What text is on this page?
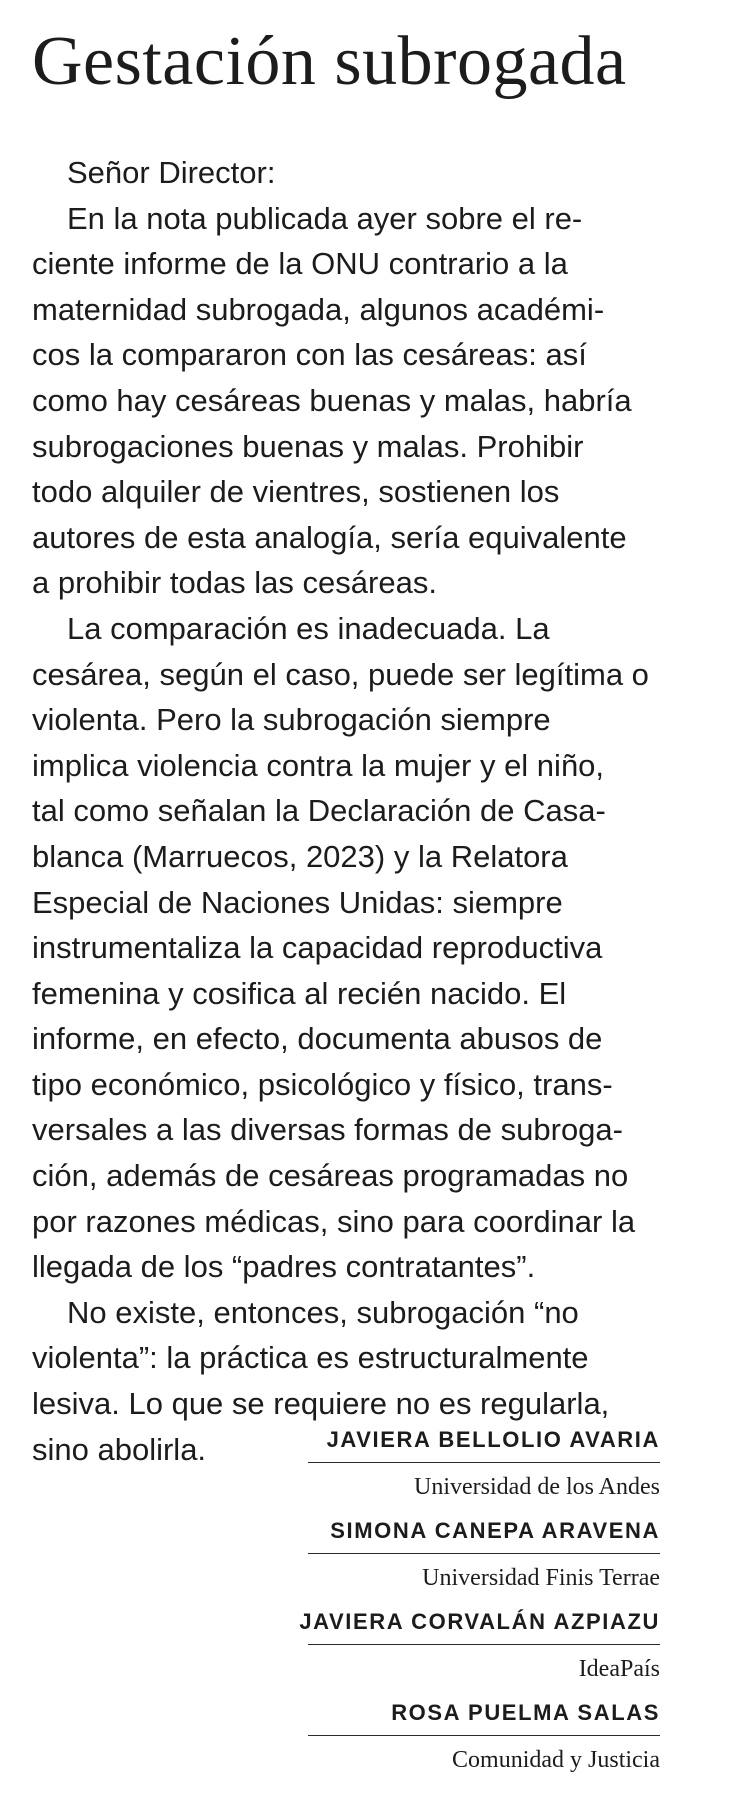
Gestación subrogada
Señor Director:
En la nota publicada ayer sobre el re-
ciente informe de la ONU contrario a la
maternidad subrogada, algunos académi-
cos la compararon con las cesáreas: así
como hay cesáreas buenas y malas, habría
subrogaciones buenas y malas. Prohibir
todo alquiler de vientres, sostienen los
autores de esta analogía, sería equivalente
a prohibir todas las cesáreas.
La comparación es inadecuada. La
cesárea, según el caso, puede ser legítima o
violenta. Pero la subrogación siempre
implica violencia contra la mujer y el niño,
tal como señalan la Declaración de Casa-
blanca (Marruecos, 2023) y la Relatora
Especial de Naciones Unidas: siempre
instrumentaliza la capacidad reproductiva
femenina y cosifica al recién nacido. El
informe, en efecto, documenta abusos de
tipo económico, psicológico y físico, trans-
versales a las diversas formas de subroga-
ción, además de cesáreas programadas no
por razones médicas, sino para coordinar la
llegada de los “padres contratantes”.
No existe, entonces, subrogación “no
violenta”: la práctica es estructuralmente
lesiva. Lo que se requiere no es regularla,
sino abolirla.	JAVIERA BELLOLIO AVARIA
Universidad de los Andes
SIMONA CANEPA ARAVENA
Universidad Finis Terrae
JAVIERA CORVALÁN AZPIAZU
IdeaPaís
ROSA PUELMA SALAS
Comunidad y Justicia
